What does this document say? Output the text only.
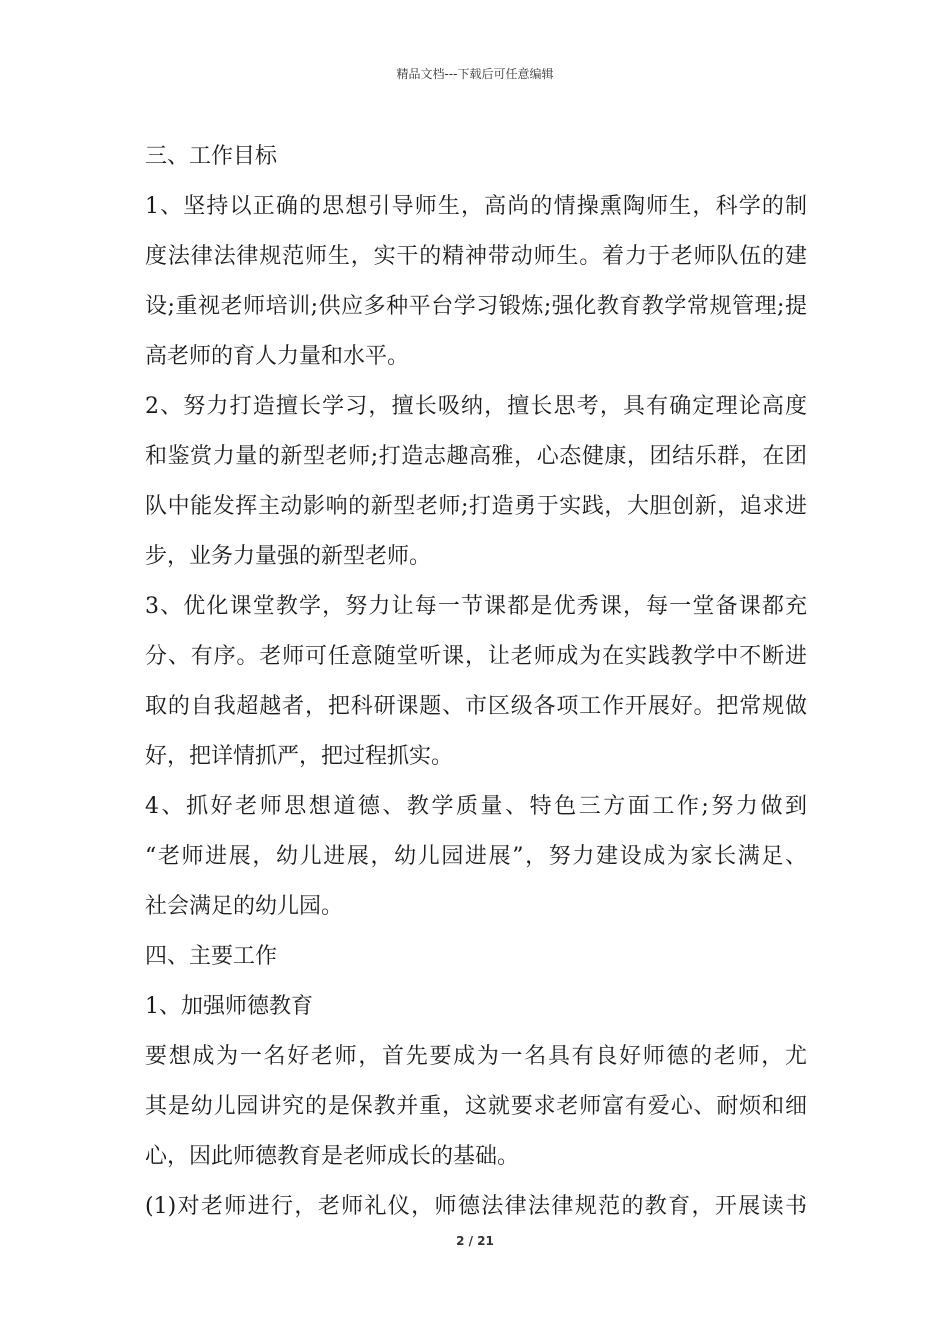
精品文档---下载后可任意编辑
三、工作目标
1、坚持以正确的思想引导师生，高尚的情操熏陶师生，科学的制
度法律法律规范师生，实干的精神带动师生。着力于老师队伍的建
设;重视老师培训;供应多种平台学习锻炼;强化教育教学常规管理;提
高老师的育人力量和水平。
2、努力打造擅长学习，擅长吸纳，擅长思考，具有确定理论高度
和鉴赏力量的新型老师;打造志趣高雅，心态健康，团结乐群，在团
队中能发挥主动影响的新型老师;打造勇于实践，大胆创新，追求进
步，业务力量强的新型老师。
3、优化课堂教学，努力让每一节课都是优秀课，每一堂备课都充
分、有序。老师可任意随堂听课，让老师成为在实践教学中不断进
取的自我超越者，把科研课题、市区级各项工作开展好。把常规做
好，把详情抓严，把过程抓实。
4、抓好老师思想道德、教学质量、特色三方面工作;努力做到
“老师进展，幼儿进展，幼儿园进展”，努力建设成为家长满足、
社会满足的幼儿园。
四、主要工作
1、加强师德教育
要想成为一名好老师，首先要成为一名具有良好师德的老师，尤
其是幼儿园讲究的是保教并重，这就要求老师富有爱心、耐烦和细
心，因此师德教育是老师成长的基础。
(1)对老师进行，老师礼仪，师德法律法律规范的教育，开展读书
2 / 21
